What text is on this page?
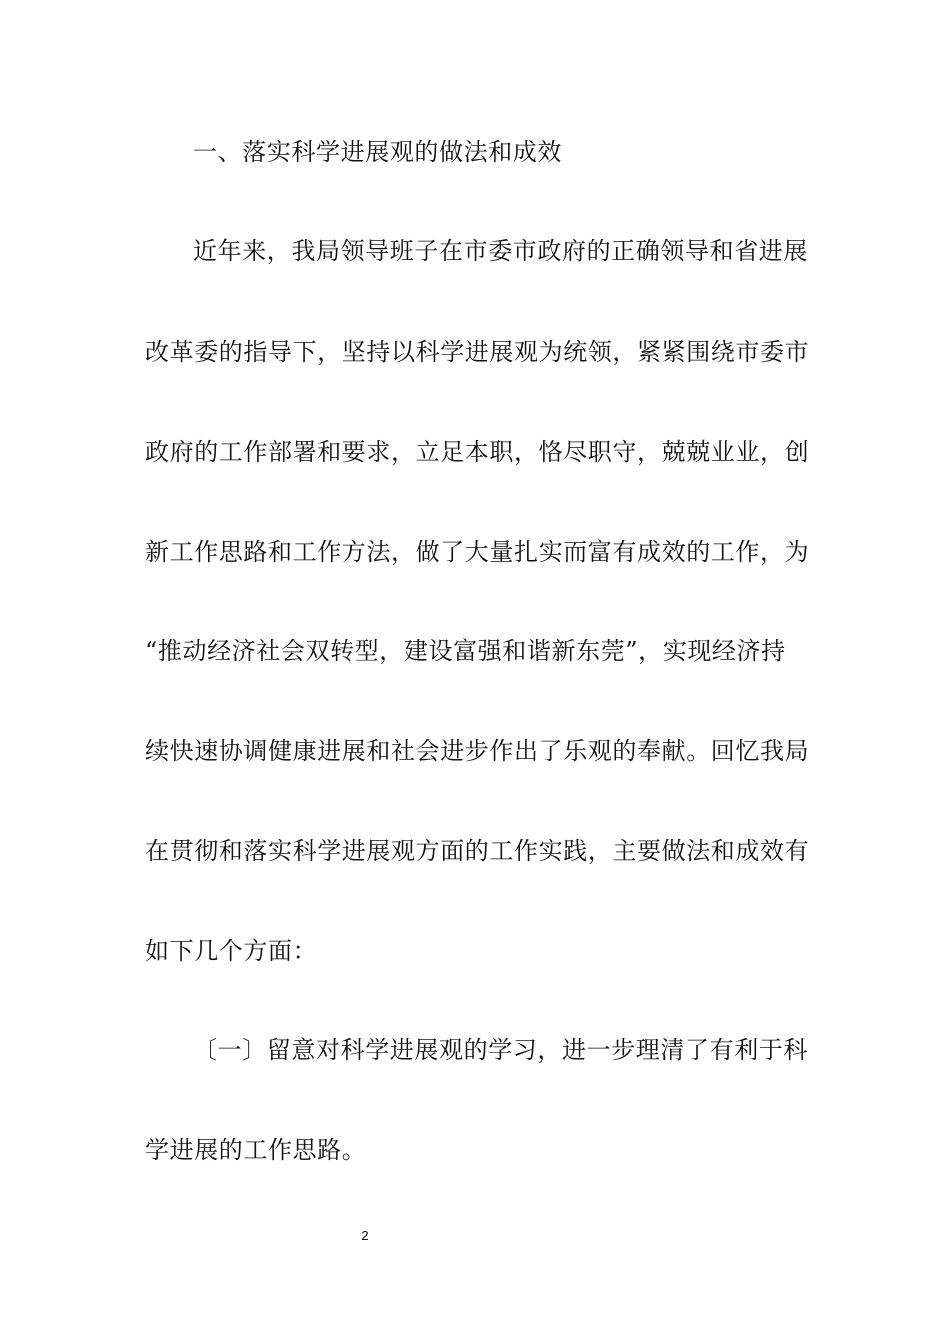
一、落实科学进展观的做法和成效
近年来，我局领导班子在市委市政府的正确领导和省进展
改革委的指导下，坚持以科学进展观为统领，紧紧围绕市委市
政府的工作部署和要求，立足本职，恪尽职守，兢兢业业，创
新工作思路和工作方法，做了大量扎实而富有成效的工作，为
“推动经济社会双转型，建设富强和谐新东莞”，实现经济持
续快速协调健康进展和社会进步作出了乐观的奉献。回忆我局
在贯彻和落实科学进展观方面的工作实践，主要做法和成效有
如下几个方面：
〔一〕留意对科学进展观的学习，进一步理清了有利于科
学进展的工作思路。
2
